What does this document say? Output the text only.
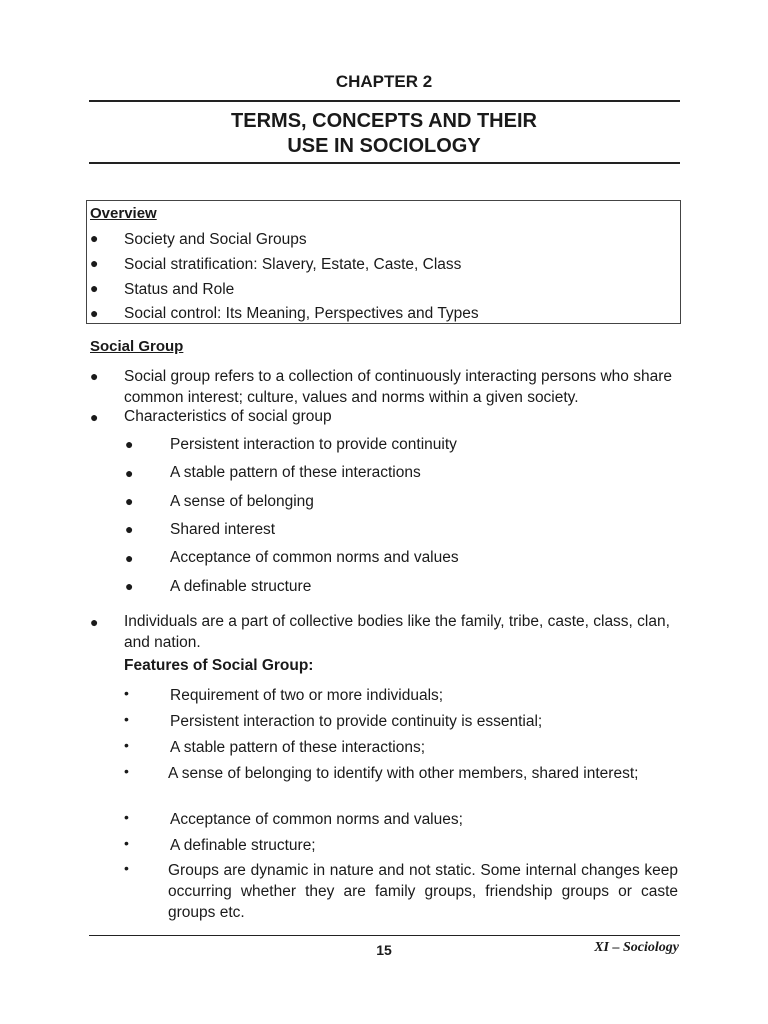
CHAPTER 2
TERMS, CONCEPTS AND THEIR
USE IN SOCIOLOGY
Overview
● Society and Social Groups
● Social stratification: Slavery, Estate, Caste, Class
● Status and Role
● Social control: Its Meaning, Perspectives and Types
Social Group
● Social group refers to a collection of continuously interacting persons who share common interest; culture, values and norms within a given society.
● Characteristics of social group
● Persistent interaction to provide continuity
● A stable pattern of these interactions
● A sense of belonging
● Shared interest
● Acceptance of common norms and values
● A definable structure
● Individuals are a part of collective bodies like the family, tribe, caste, class, clan, and nation.
Features of Social Group:
•	Requirement of two or more individuals;
•	Persistent interaction to provide continuity is essential;
•	A stable pattern of these interactions;
•	A sense of belonging to identify with other members, shared interest;
•	Acceptance of common norms and values;
•	A definable structure;
•	Groups are dynamic in nature and not static. Some internal changes keep occurring whether they are family groups, friendship groups or caste groups etc.
15	XI – Sociology
